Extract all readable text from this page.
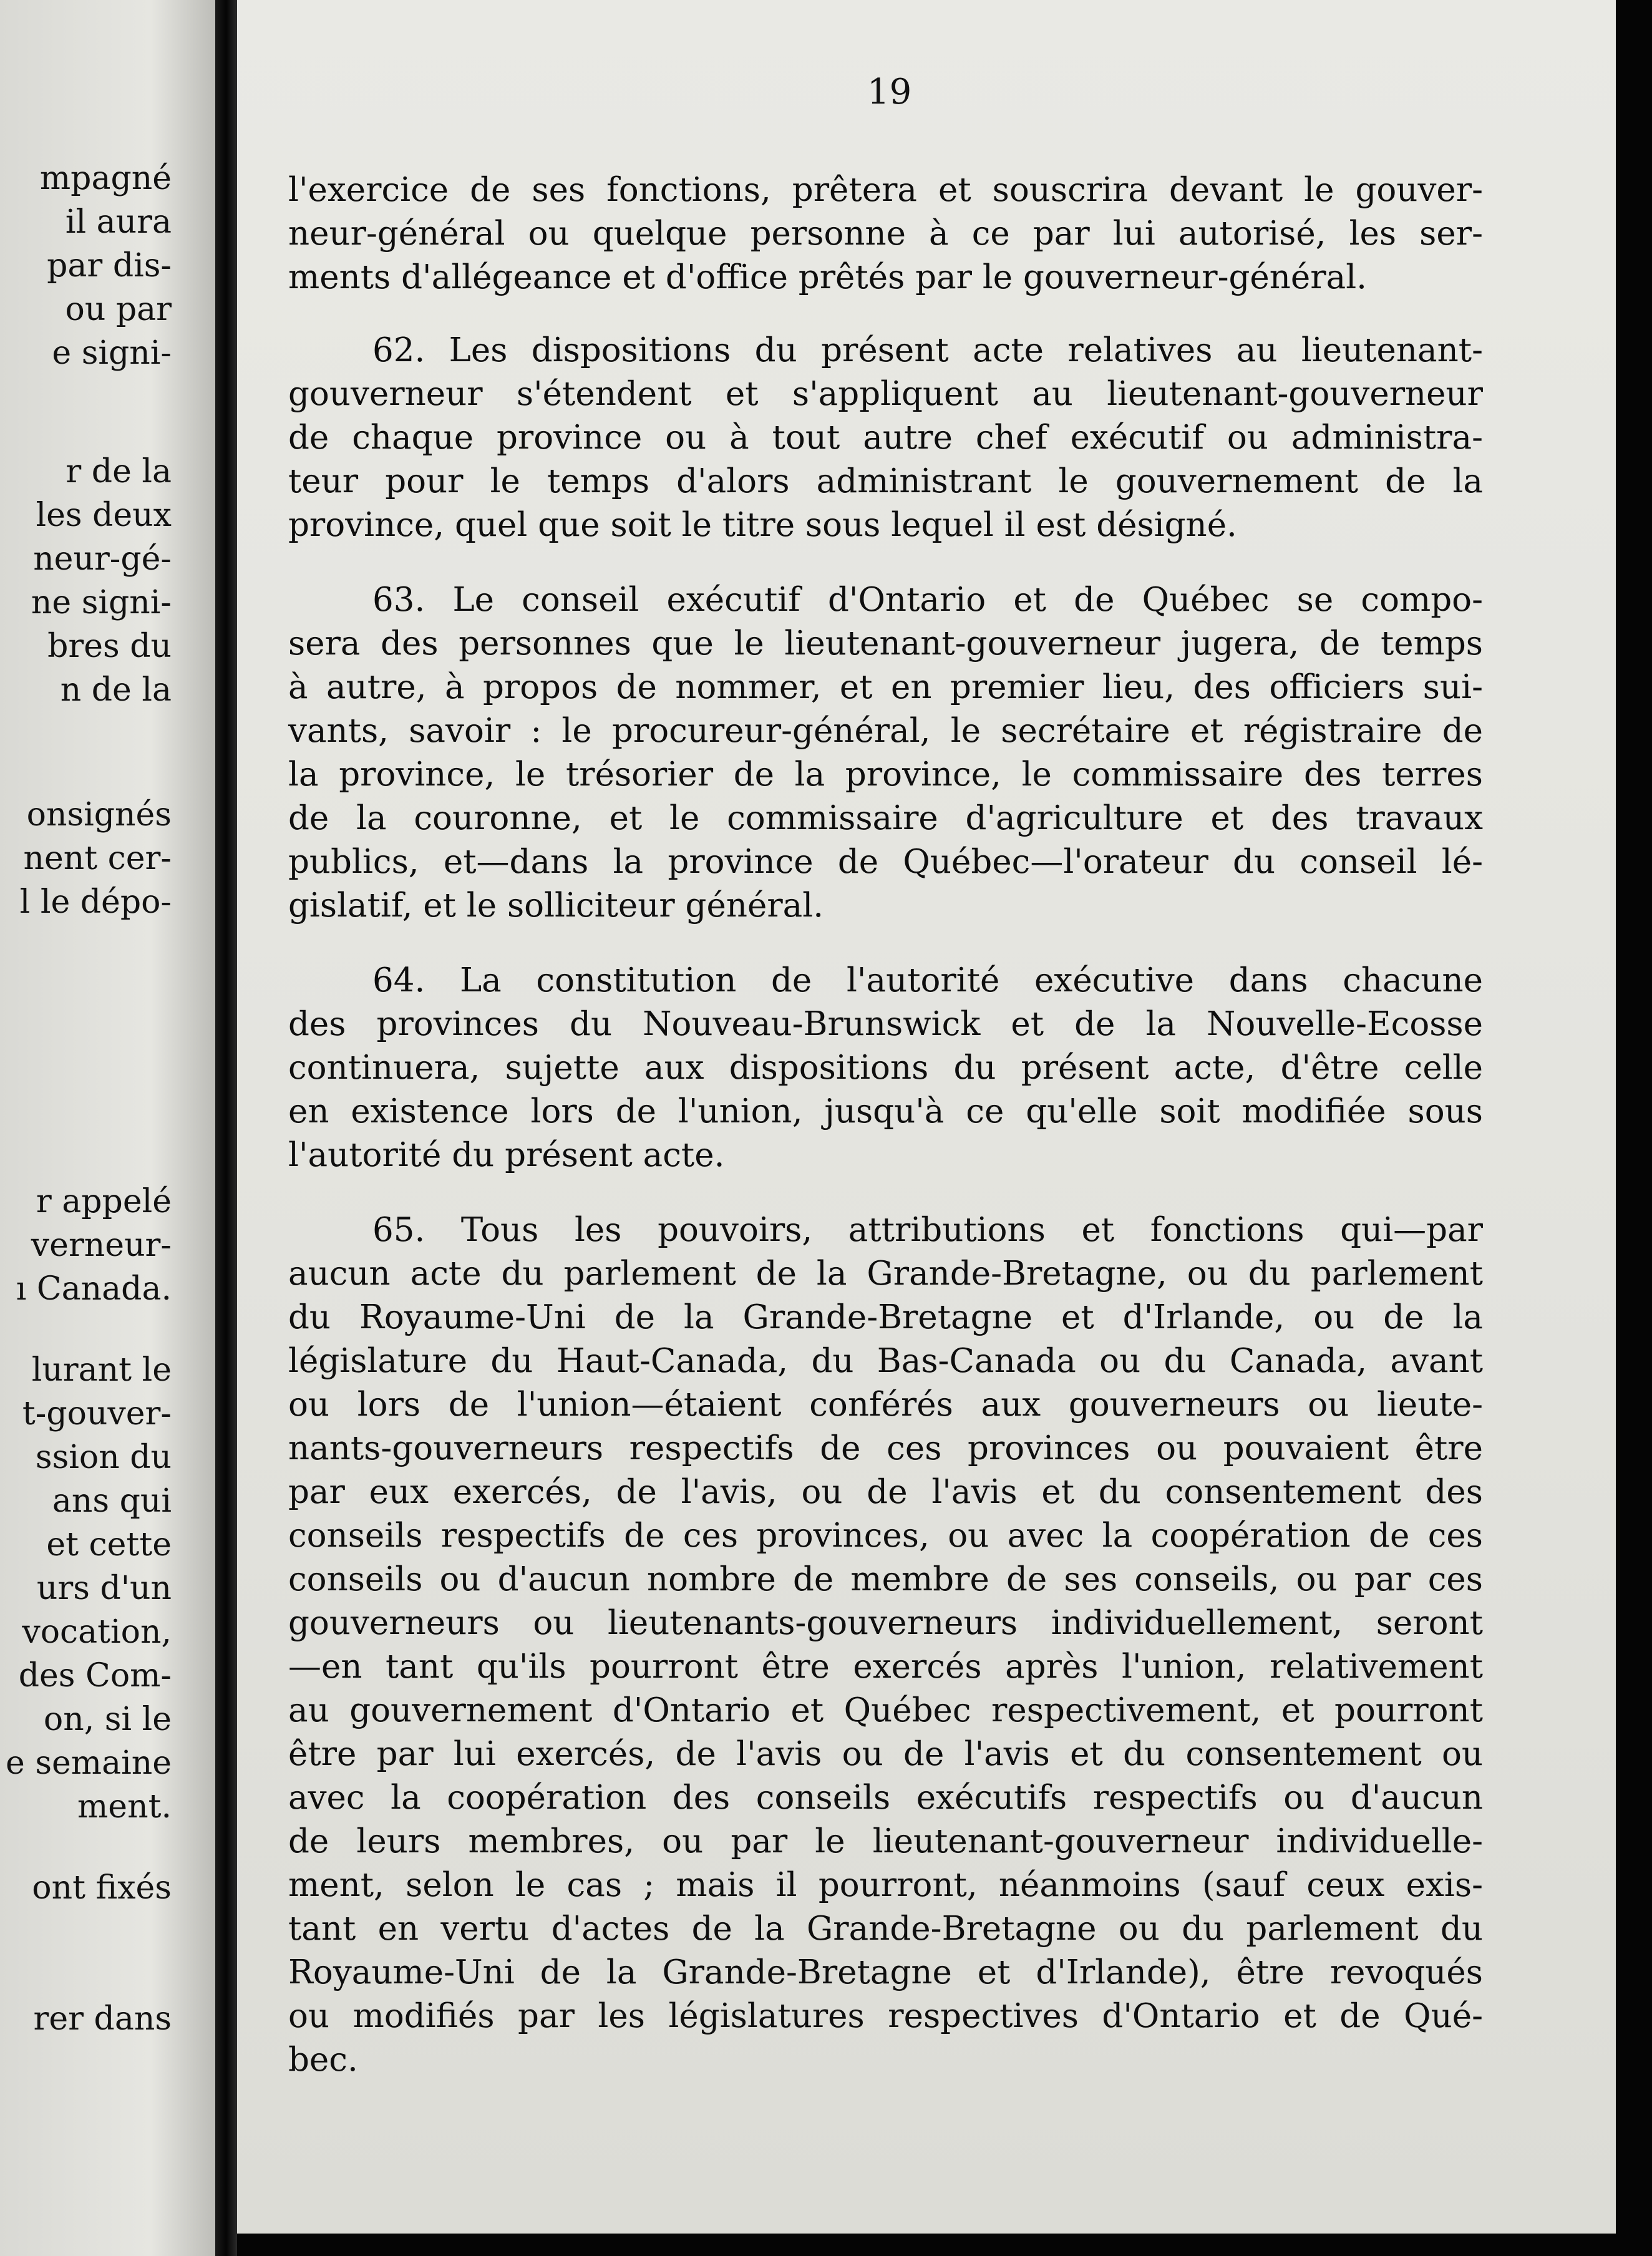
mpagné
il aura
par dis-
ou par
e signi-
r de la
les deux
neur-gé-
ne signi-
bres du
n de la
onsignés
nent cer-
l le dépo-
r appelé
verneur-
ı Canada.
lurant le
t-gouver-
ssion du
ans qui
et cette
urs d'un
vocation,
des Com-
on, si le
e semaine
ment.
ont fixés
rer dans
19
l'exercice de ses fonctions, prêtera et souscrira devant le gouver-
neur-général ou quelque personne à ce par lui autorisé, les ser-
ments d'allégeance et d'office prêtés par le gouverneur-général.
62. Les dispositions du présent acte relatives au lieutenant-
gouverneur s'étendent et s'appliquent au lieutenant-gouverneur
de chaque province ou à tout autre chef exécutif ou administra-
teur pour le temps d'alors administrant le gouvernement de la
province, quel que soit le titre sous lequel il est désigné.
63. Le conseil exécutif d'Ontario et de Québec se compo-
sera des personnes que le lieutenant-gouverneur jugera, de temps
à autre, à propos de nommer, et en premier lieu, des officiers sui-
vants, savoir : le procureur-général, le secrétaire et régistraire de
la province, le trésorier de la province, le commissaire des terres
de la couronne, et le commissaire d'agriculture et des travaux
publics, et—dans la province de Québec—l'orateur du conseil lé-
gislatif, et le solliciteur général.
64. La constitution de l'autorité exécutive dans chacune
des provinces du Nouveau-Brunswick et de la Nouvelle-Ecosse
continuera, sujette aux dispositions du présent acte, d'être celle
en existence lors de l'union, jusqu'à ce qu'elle soit modifiée sous
l'autorité du présent acte.
65. Tous les pouvoirs, attributions et fonctions qui—par
aucun acte du parlement de la Grande-Bretagne, ou du parlement
du Royaume-Uni de la Grande-Bretagne et d'Irlande, ou de la
législature du Haut-Canada, du Bas-Canada ou du Canada, avant
ou lors de l'union—étaient conférés aux gouverneurs ou lieute-
nants-gouverneurs respectifs de ces provinces ou pouvaient être
par eux exercés, de l'avis, ou de l'avis et du consentement des
conseils respectifs de ces provinces, ou avec la coopération de ces
conseils ou d'aucun nombre de membre de ses conseils, ou par ces
gouverneurs ou lieutenants-gouverneurs individuellement, seront
—en tant qu'ils pourront être exercés après l'union, relativement
au gouvernement d'Ontario et Québec respectivement, et pourront
être par lui exercés, de l'avis ou de l'avis et du consentement ou
avec la coopération des conseils exécutifs respectifs ou d'aucun
de leurs membres, ou par le lieutenant-gouverneur individuelle-
ment, selon le cas ; mais il pourront, néanmoins (sauf ceux exis-
tant en vertu d'actes de la Grande-Bretagne ou du parlement du
Royaume-Uni de la Grande-Bretagne et d'Irlande), être revoqués
ou modifiés par les législatures respectives d'Ontario et de Qué-
bec.
